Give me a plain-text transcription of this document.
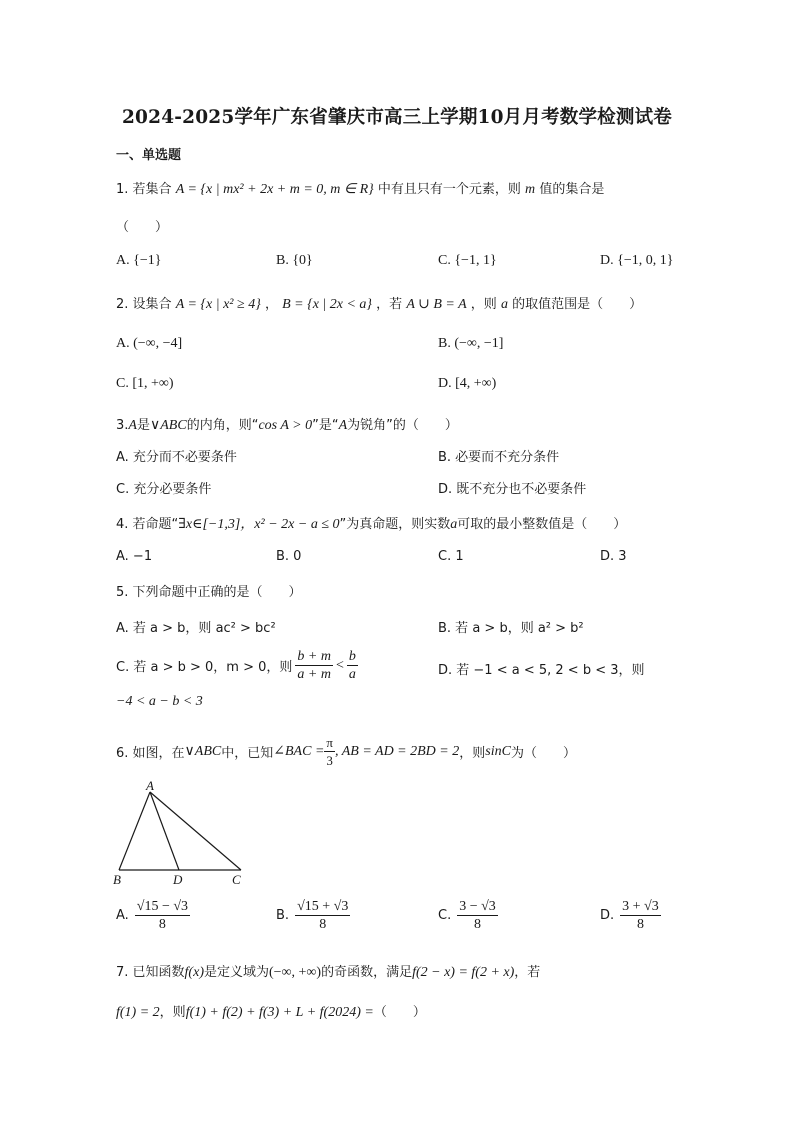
2024-2025学年广东省肇庆市高三上学期10月月考数学检测试卷
一、单选题
1. 若集合 A = {x | mx² + 2x + m = 0, m ∈ R} 中有且只有一个元素，则 m 值的集合是
（　　）
A. {−1}	B. {0}	C. {−1, 1}	D. {−1, 0, 1}
2. 设集合 A = {x | x² ≥ 4} ， B = {x | 2x < a} ，若 A ∪ B = A ，则 a 的取值范围是（　　）
A. (−∞, −4]	B. (−∞, −1]
C. [1, +∞)	D. [4, +∞)
3.A是∨ABC的内角，则“cos A > 0”是“A为锐角”的（　　）
A. 充分而不必要条件	B. 必要而不充分条件
C. 充分必要条件	D. 既不充分也不必要条件
4. 若命题“∃x∈[−1,3]，x² − 2x − a ≤ 0”为真命题，则实数a可取的最小整数值是（　　）
A. −1	B. 0	C. 1	D. 3
5. 下列命题中正确的是（　　）
A. 若 a > b，则 ac² > bc²	B. 若 a > b，则 a² > b²
C. 若 a > b > 0，m > 0，则 $\frac{b + m}{a + m} < \frac{b}{a}$	D. 若 −1 < a < 5, 2 < b < 3，则
−4 < a − b < 3
6. 如图，在 ∨ABC 中，已知 ∠BAC = $\frac{\pi}{3}$ , AB = AD = 2BD = 2 ，则 sinC 为（　　）
A
B	D	C
A. $\frac{√15 - √3}{8}$	B. $\frac{√15 + √3}{8}$	C. $\frac{3 - √3}{8}$	D. $\frac{3 + √3}{8}$
7. 已知函数f(x)是定义域为(−∞, +∞)的奇函数，满足f(2 − x) = f(2 + x)，若
f(1) = 2，则f(1) + f(2) + f(3) + L + f(2024) =（　　）
